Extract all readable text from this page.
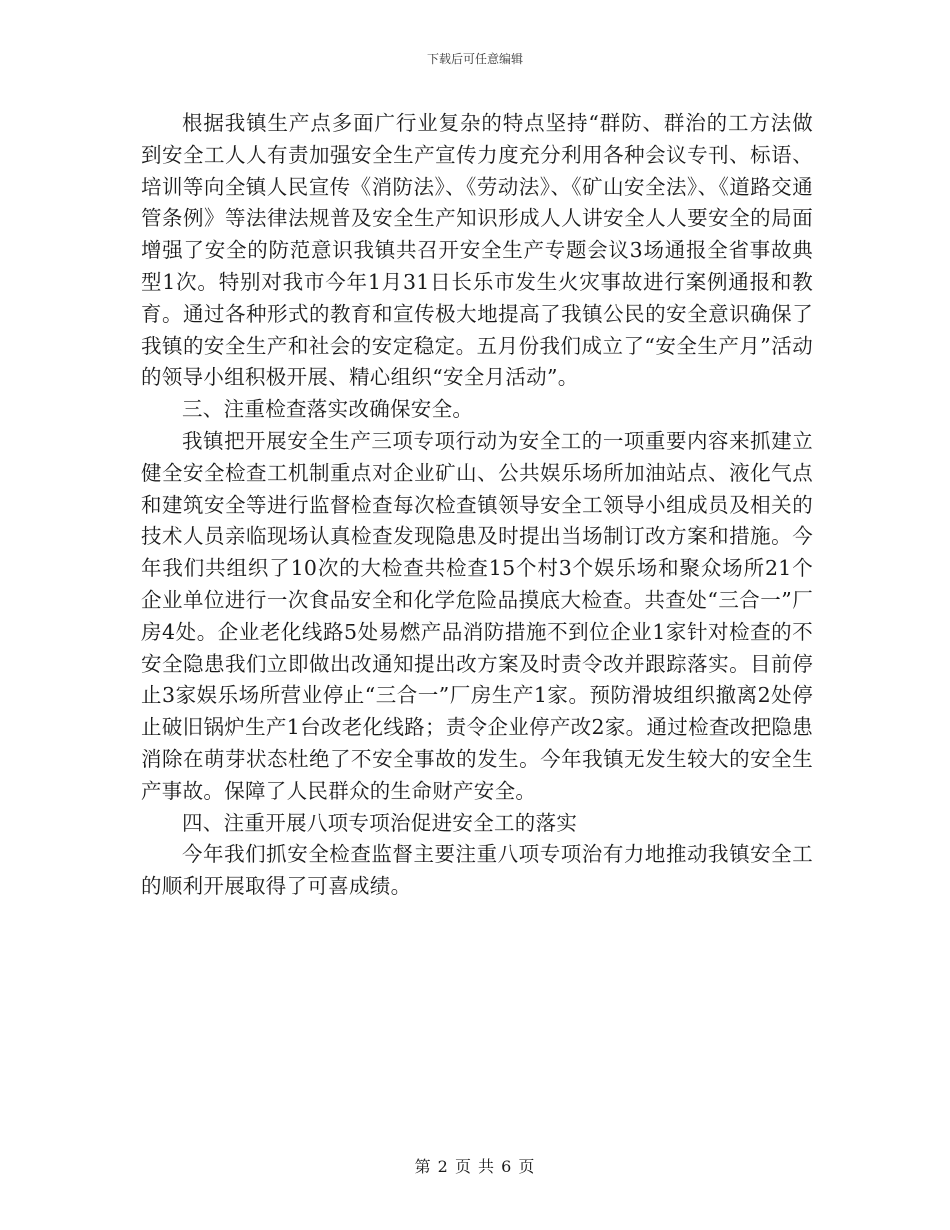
下载后可任意编辑

根据我镇生产点多面广行业复杂的特点坚持“群防、群治的工方法做到安全工人人有责加强安全生产宣传力度充分利用各种会议专刊、标语、培训等向全镇人民宣传《消防法》、《劳动法》、《矿山安全法》、《道路交通管条例》等法律法规普及安全生产知识形成人人讲安全人人要安全的局面增强了安全的防范意识我镇共召开安全生产专题会议3场通报全省事故典型1次。特别对我市今年1月31日长乐市发生火灾事故进行案例通报和教育。通过各种形式的教育和宣传极大地提高了我镇公民的安全意识确保了我镇的安全生产和社会的安定稳定。五月份我们成立了“安全生产月”活动的领导小组积极开展、精心组织“安全月活动”。

三、注重检查落实改确保安全。

我镇把开展安全生产三项专项行动为安全工的一项重要内容来抓建立健全安全检查工机制重点对企业矿山、公共娱乐场所加油站点、液化气点和建筑安全等进行监督检查每次检查镇领导安全工领导小组成员及相关的技术人员亲临现场认真检查发现隐患及时提出当场制订改方案和措施。今年我们共组织了10次的大检查共检查15个村3个娱乐场和聚众场所21个企业单位进行一次食品安全和化学危险品摸底大检查。共查处“三合一”厂房4处。企业老化线路5处易燃产品消防措施不到位企业1家针对检查的不安全隐患我们立即做出改通知提出改方案及时责令改并跟踪落实。目前停止3家娱乐场所营业停止“三合一”厂房生产1家。预防滑坡组织撤离2处停止破旧锅炉生产1台改老化线路；责令企业停产改2家。通过检查改把隐患消除在萌芽状态杜绝了不安全事故的发生。今年我镇无发生较大的安全生产事故。保障了人民群众的生命财产安全。

四、注重开展八项专项治促进安全工的落实

今年我们抓安全检查监督主要注重八项专项治有力地推动我镇安全工的顺利开展取得了可喜成绩。

第 2 页 共 6 页
